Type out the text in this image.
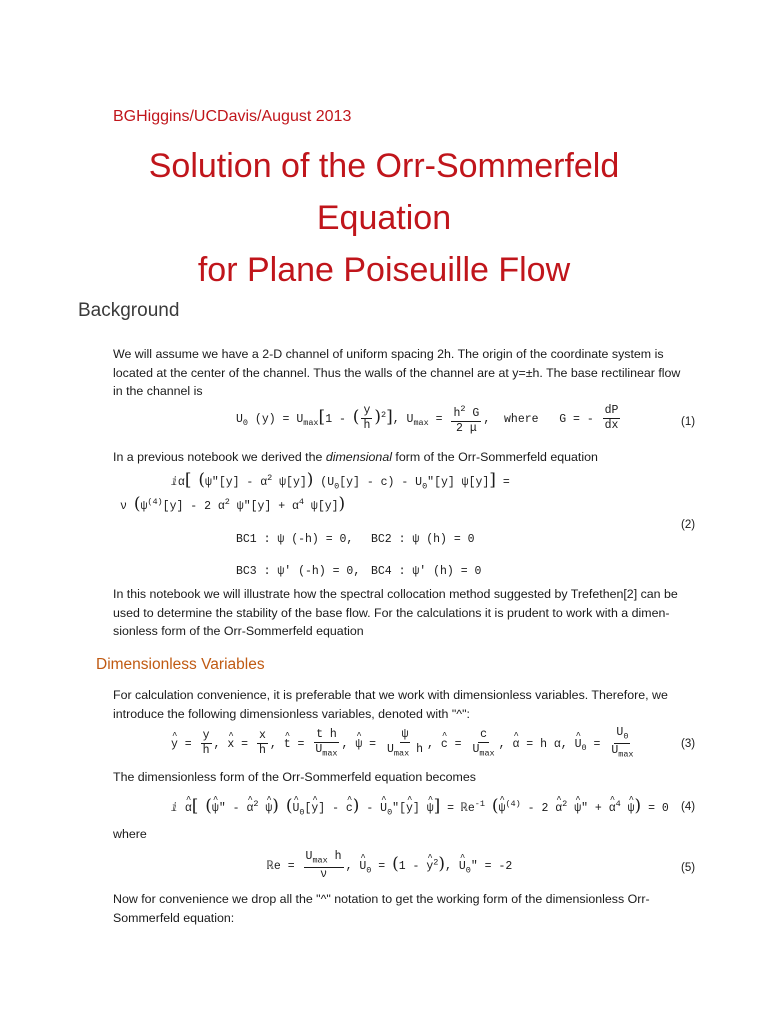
BGHiggins/UCDavis/August 2013
Solution of the Orr-Sommerfeld
Equation
for Plane Poiseuille Flow
Background
We will assume we have a 2-D channel of uniform spacing 2h. The origin of the coordinate system is
located at the center of the channel. Thus the walls of the channel are at y=±h. The base rectilinear flow
in the channel is
$U_0$ $(y) = U_{max}[1$ - ( $\frac{y}{h} )^2$], $U_{max} = \frac{h^2 G}{2 \mu}$ ,  where   G = - $\frac{dP}{dx}$	(1)
In a previous notebook we derived the dimensional form of the Orr-Sommerfeld equation
ⅈα[ ($\psi''[y] - \alpha^2$ ψ[y]) $(U_0[y] - c) - U_0''[y] \psi[y]$] =
ν ($\psi^{(4)}[y] - 2$ $\alpha^2$ $\psi''[y] + \alpha^4$ ψ[y])
(2)
BC1 : ψ (-h) = 0, BC2 : ψ (h) = 0
BC3 : ψ′ (-h) = 0, BC4 : ψ′ (h) = 0
In this notebook we will illustrate how the spectral collocation method suggested by Trefethen[2] can be
used to determine the stability of the base flow. For the calculations it is prudent to work with a dimen-
sionless form of the Orr-Sommerfeld equation
Dimensionless Variables
For calculation convenience, it is preferable that we work with dimensionless variables. Therefore, we
introduce the following dimensionless variables, denoted with "^":
^ $y = \frac{y}{h}$ , ^ $x = \frac{x}{h}$ , ^ $t = \frac{\text{t h}}{U_{max}}$ , ^ $\psi = \frac{\psi}{U_{max} h}$ , ^ $c = \frac{c}{U_{max}}$ , ^ α = h α, ^ $U_0 = \frac{U_0}{U_{max}}$	(3)
The dimensionless form of the Orr-Sommerfeld equation becomes
ⅈ ^ α[ (^ ψ″ - ^ $\alpha^2$ ^ ψ) (^ $U_0[\^{}$ y] - ^ c) - ^ $U_0''[\^{}$ y] ^ ψ] = ℝe$^{-1}$ (^ $\psi^{(4)} - 2$ ^ $\alpha^2$ ^ ψ″ + ^ $\alpha^4$ ^ ψ) = 0 (4)
where
ℝe = $\frac{U_{max} h}{\nu}$ , ^ $U_0 = (1$ - ^ $y^2$), ^ $U_0'' = -2$	(5)
Now for convenience we drop all the "^" notation to get the working form of the dimensionless Orr-
Sommerfeld equation:
